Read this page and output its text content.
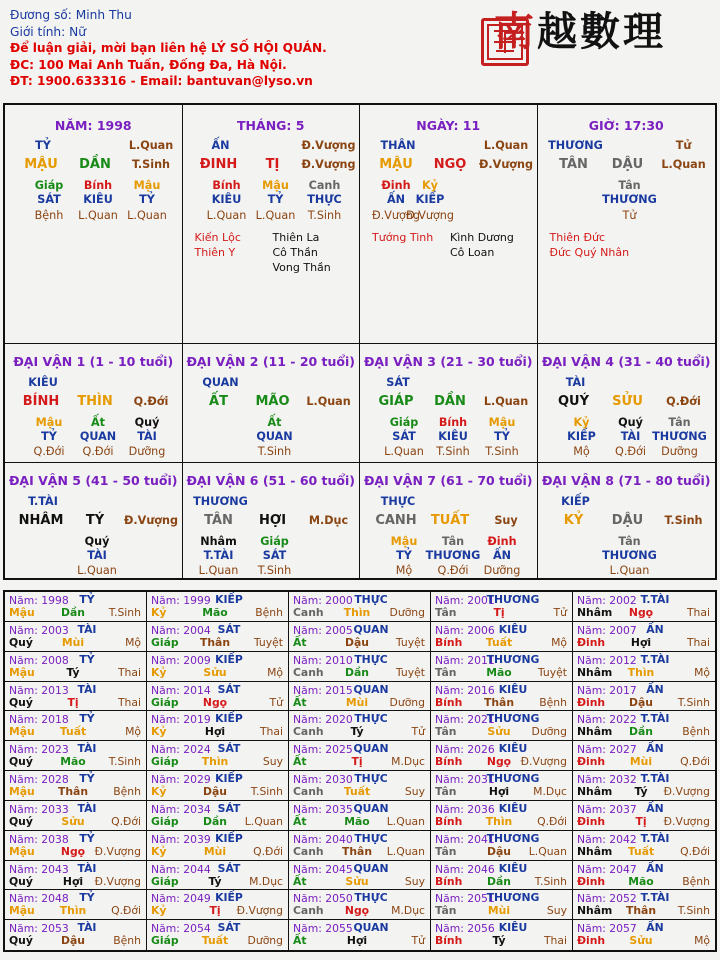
Đương số: Minh Thu
Giới tính: Nữ
Để luận giải, mời bạn liên hệ LÝ SỐ HỘI QUÁN.
ĐC: 100 Mai Anh Tuấn, Đống Đa, Hà Nội.
ĐT: 1900.633316 - Email: bantuvan@lyso.vn
南越數理
NĂM: 1998
TỶ	L.Quan
MẬU DẦN T.Sinh
Giáp Bính Mậu
SÁT KIÊU TỶ
Bệnh L.Quan L.Quan
THÁNG: 5
ẤN	Đ.Vượng
ĐINH TỊ Đ.Vượng
Bính Mậu Canh
KIÊU TỶ THỰC
L.Quan L.Quan T.Sinh
Kiến Lộc
Thiên Y
Thiên La
Cô Thần
Vong Thần
NGÀY: 11
THÂN	L.Quan
MẬU NGỌ Đ.Vượng
Đinh Kỷ
ẤN KIẾP
Đ.Vượng
Đ.Vượng
Tướng Tinh Kình Dương
Cô Loan
GIỜ: 17:30
THƯƠNG	Tử
TÂN DẬU L.Quan
Tân
THƯƠNG
Tử
Thiên Đức
Đức Quý Nhân
ĐẠI VẬN 1 (1 - 10 tuổi)
KIÊU
BÍNH THÌN Q.Đới
Mậu	Ất	Quý
TỶ QUAN TÀI
Q.Đới Q.Đới Dưỡng
ĐẠI VẬN 2 (11 - 20 tuổi)
QUAN
ẤT MÃO L.Quan
Ất
QUAN
T.Sinh
ĐẠI VẬN 3 (21 - 30 tuổi)
SÁT
GIÁP DẦN L.Quan
Giáp Bính Mậu
SÁT KIÊU TỶ
L.Quan T.Sinh T.Sinh
ĐẠI VẬN 4 (31 - 40 tuổi)
TÀI
QUÝ SỬU Q.Đới
Kỷ	Quý Tân
KIẾP TÀI THƯƠNG
Mộ Q.Đới Dưỡng
ĐẠI VẬN 5 (41 - 50 tuổi)
T.TÀI
NHÂM TÝ Đ.Vượng
Quý
TÀI
L.Quan
ĐẠI VẬN 6 (51 - 60 tuổi)
THƯƠNG
TÂN HỢI M.Dục
Nhâm Giáp
T.TÀI	SÁT
L.Quan T.Sinh
ĐẠI VẬN 7 (61 - 70 tuổi)
THỰC
CANH TUẤT Suy
Mậu Tân Đinh
TỶ THƯƠNG ẤN
Mộ Q.Đới Dưỡng
ĐẠI VẬN 8 (71 - 80 tuổi)
KIẾP
KỶ DẬU T.Sinh
Tân
THƯƠNG
L.Quan
Năm: 1998 TỶ
Mậu Dần T.Sinh
Năm: 1999 KIẾP
Kỷ	Mão	Bệnh
Năm: 2000 THỰC
Canh Thìn Dưỡng
Năm: 2001
THƯƠNG
Tân	Tị	Tử
Năm: 2002 T.TÀI
Nhâm Ngọ	Thai
Năm: 2003 TÀI
Quý	Mùi	Mộ
Năm: 2004 SÁT
Giáp Thân Tuyệt
Năm: 2005 QUAN
Ất	Dậu Tuyệt
Năm: 2006 KIÊU
Bính Tuất	Mộ
Năm: 2007 ẤN
Đinh Hợi	Thai
Năm: 2008 TỶ
Mậu	Tý	Thai
Năm: 2009 KIẾP
Kỷ	Sửu	Mộ
Năm: 2010 THỰC
Canh Dần Tuyệt
Năm: 2011
THƯƠNG
Tân	Mão Tuyệt
Năm: 2012 T.TÀI
Nhâm Thìn	Mộ
Năm: 2013 TÀI
Quý	Tị	Thai
Năm: 2014 SÁT
Giáp Ngọ	Tử
Năm: 2015 QUAN
Ất	Mùi Dưỡng
Năm: 2016 KIÊU
Bính Thân Bệnh
Năm: 2017 ẤN
Đinh Dậu T.Sinh
Năm: 2018 TỶ
Mậu Tuất	Mộ
Năm: 2019 KIẾP
Kỷ	Hợi	Thai
Năm: 2020 THỰC
Canh Tý	Tử
Năm: 2021
THƯƠNG
Tân	Sửu Dưỡng
Năm: 2022 T.TÀI
Nhâm Dần	Bệnh
Năm: 2023 TÀI
Quý	Mão T.Sinh
Năm: 2024 SÁT
Giáp Thìn	Suy
Năm: 2025 QUAN
Ất	Tị	M.Dục
Năm: 2026 KIÊU
Bính Ngọ Đ.Vượng
Năm: 2027 ẤN
Đinh Mùi	Q.Đới
Năm: 2028 TỶ
Mậu Thân Bệnh
Năm: 2029 KIẾP
Kỷ	Dậu T.Sinh
Năm: 2030 THỰC
Canh Tuất	Suy
Năm: 2031
THƯƠNG
Tân	Hợi M.Dục
Năm: 2032 T.TÀI
Nhâm Tý Đ.Vượng
Năm: 2033 TÀI
Quý	Sửu Q.Đới
Năm: 2034 SÁT
Giáp Dần L.Quan
Năm: 2035 QUAN
Ất	Mão L.Quan
Năm: 2036 KIÊU
Bính Thìn Q.Đới
Năm: 2037 ẤN
Đinh	Tị Đ.Vượng
Năm: 2038 TỶ
Mậu Ngọ Đ.Vượng
Năm: 2039 KIẾP
Kỷ	Mùi	Q.Đới
Năm: 2040 THỰC
Canh Thân L.Quan
Năm: 2041
THƯƠNG
Tân	Dậu L.Quan
Năm: 2042 T.TÀI
Nhâm Tuất Q.Đới
Năm: 2043 TÀI
Quý	Hợi Đ.Vượng
Năm: 2044 SÁT
Giáp	Tý	M.Dục
Năm: 2045 QUAN
Ất	Sửu	Suy
Năm: 2046 KIÊU
Bính Dần T.Sinh
Năm: 2047 ẤN
Đinh Mão	Bệnh
Năm: 2048 TỶ
Mậu Thìn Q.Đới
Năm: 2049 KIẾP
Kỷ	Tị Đ.Vượng
Năm: 2050 THỰC
Canh Ngọ M.Dục
Năm: 2051
THƯƠNG
Tân	Mùi	Suy
Năm: 2052 T.TÀI
Nhâm Thân T.Sinh
Năm: 2053 TÀI
Quý	Dậu	Bệnh
Năm: 2054 SÁT
Giáp Tuất Dưỡng
Năm: 2055 QUAN
Ất	Hợi	Tử
Năm: 2056 KIÊU
Bính	Tý	Thai
Năm: 2057 ẤN
Đinh Sửu	Mộ
